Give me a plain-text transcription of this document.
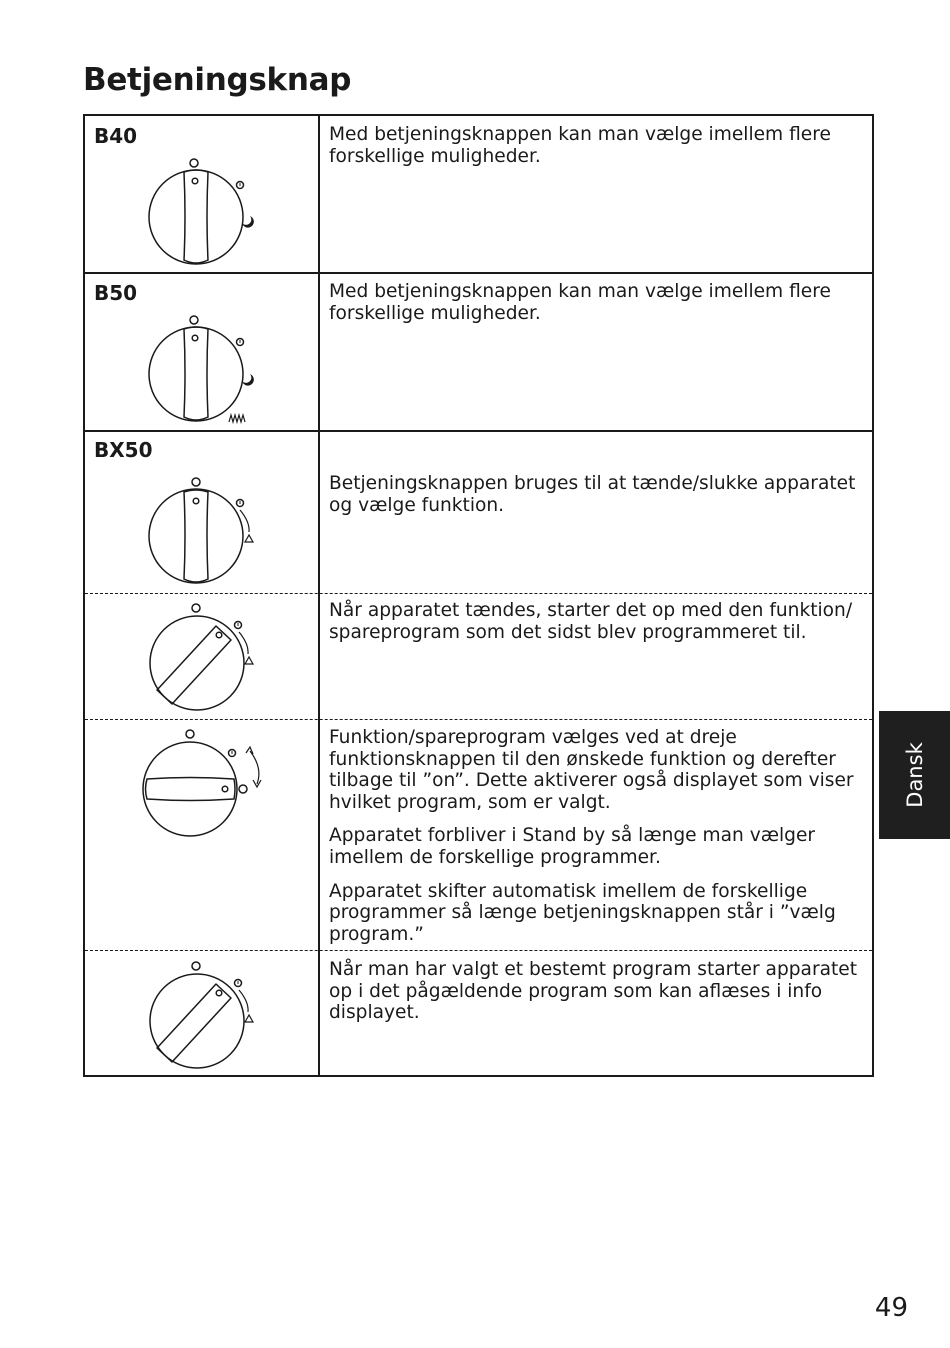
Betjeningsknap
B40	Med betjeningsknappen kan man vælge imellem flere forskellige muligheder.
B50	Med betjeningsknappen kan man vælge imellem flere forskellige muligheder.
BX50
Betjeningsknappen bruges til at tænde/slukke apparatet og vælge funktion.
Når apparatet tændes, starter det op med den funktion/ spareprogram som det sidst blev programmeret til.

Funktion/spareprogram vælges ved at dreje funktionsknappen til den ønskede funktion og derefter tilbage til ”on”. Dette aktiverer også displayet som viser hvilket program, som er valgt.

Apparatet forbliver i Stand by så længe man vælger imellem de forskellige programmer.

Apparatet skifter automatisk imellem de forskellige programmer så længe betjeningsknappen står i ”vælg program.”

Når man har valgt et bestemt program starter apparatet op i det pågældende program som kan aflæses i info displayet.
Dansk
49
